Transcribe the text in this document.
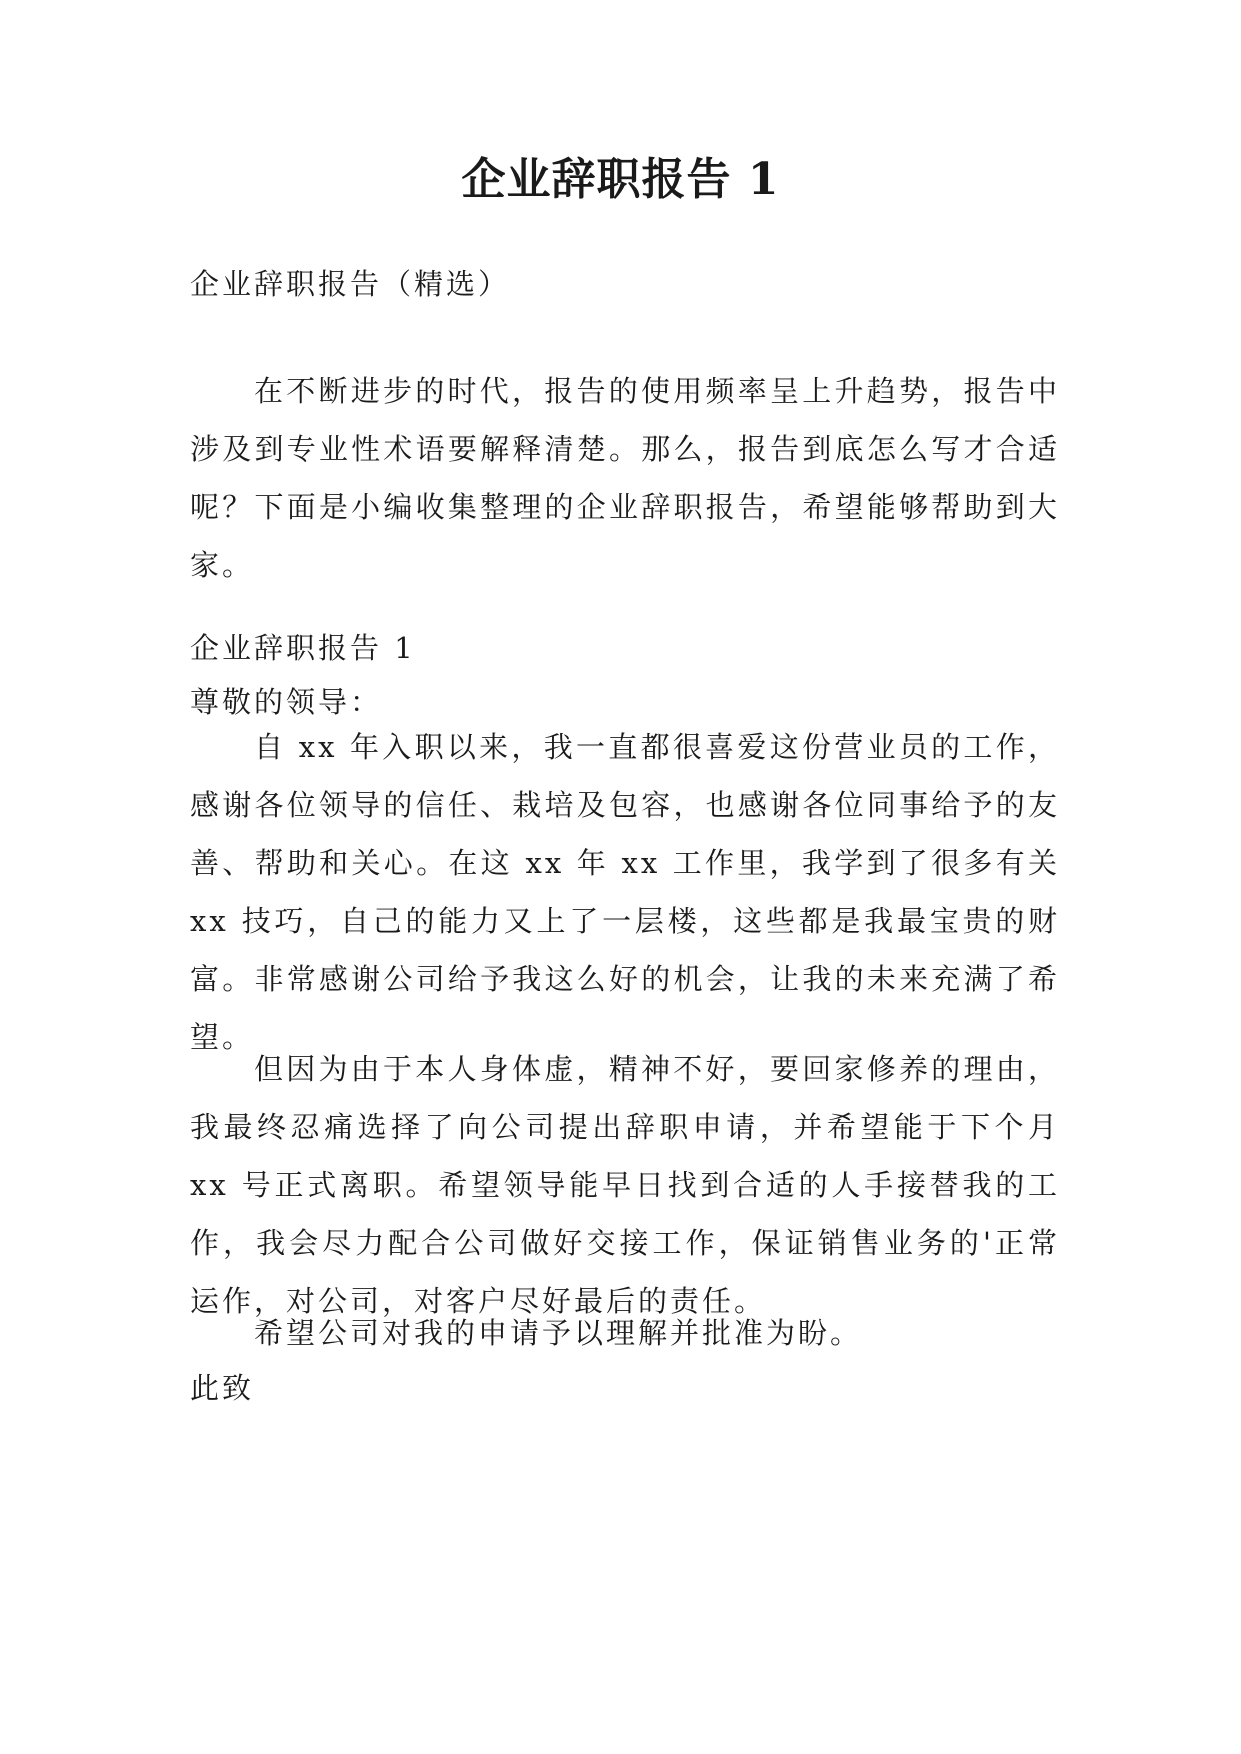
企业辞职报告 1
企业辞职报告（精选）

在不断进步的时代，报告的使用频率呈上升趋势，报告中涉及到专业性术语要解释清楚。那么，报告到底怎么写才合适呢？下面是小编收集整理的企业辞职报告，希望能够帮助到大家。

企业辞职报告 1
尊敬的领导：

自 xx 年入职以来，我一直都很喜爱这份营业员的工作，感谢各位领导的信任、栽培及包容，也感谢各位同事给予的友善、帮助和关心。在这 xx 年 xx 工作里，我学到了很多有关 xx 技巧，自己的能力又上了一层楼，这些都是我最宝贵的财富。非常感谢公司给予我这么好的机会，让我的未来充满了希望。

但因为由于本人身体虚，精神不好，要回家修养的理由，我最终忍痛选择了向公司提出辞职申请，并希望能于下个月 xx 号正式离职。希望领导能早日找到合适的人手接替我的工作，我会尽力配合公司做好交接工作，保证销售业务的'正常运作，对公司，对客户尽好最后的责任。

希望公司对我的申请予以理解并批准为盼。

此致
